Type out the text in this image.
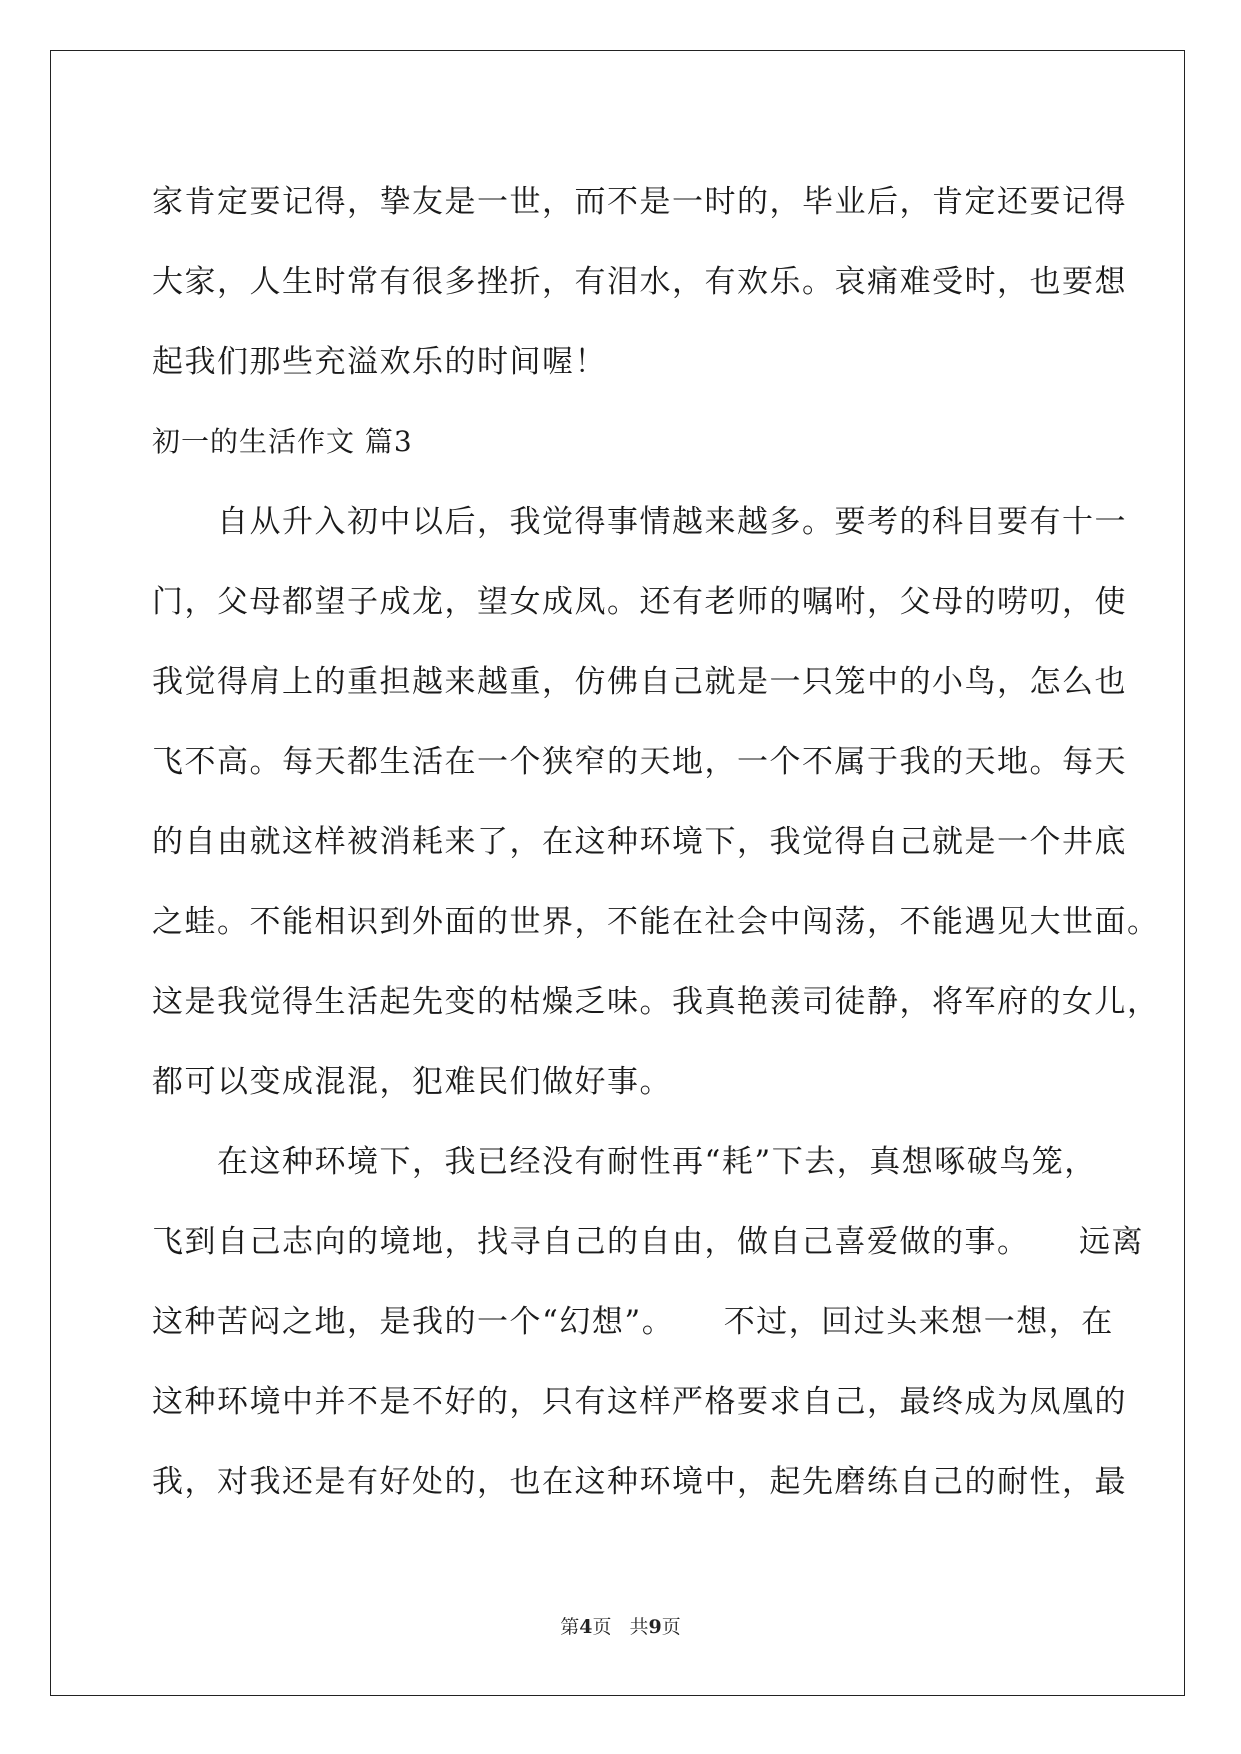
家肯定要记得，挚友是一世，而不是一时的，毕业后，肯定还要记得
大家，人生时常有很多挫折，有泪水，有欢乐。哀痛难受时，也要想
起我们那些充溢欢乐的时间喔！
初一的生活作文 篇3
　　自从升入初中以后，我觉得事情越来越多。要考的科目要有十一
门，父母都望子成龙，望女成凤。还有老师的嘱咐，父母的唠叨，使
我觉得肩上的重担越来越重，仿佛自己就是一只笼中的小鸟，怎么也
飞不高。每天都生活在一个狭窄的天地，一个不属于我的天地。每天
的自由就这样被消耗来了，在这种环境下，我觉得自己就是一个井底
之蛙。不能相识到外面的世界，不能在社会中闯荡，不能遇见大世面。
这是我觉得生活起先变的枯燥乏味。我真艳羡司徒静，将军府的女儿，
都可以变成混混，犯难民们做好事。
　　在这种环境下，我已经没有耐性再“耗”下去，真想啄破鸟笼，
飞到自己志向的境地，找寻自己的自由，做自己喜爱做的事。　　远离
这种苦闷之地，是我的一个“幻想”。　　不过，回过头来想一想，在
这种环境中并不是不好的，只有这样严格要求自己，最终成为凤凰的
我，对我还是有好处的，也在这种环境中，起先磨练自己的耐性，最
第4页 共9页
